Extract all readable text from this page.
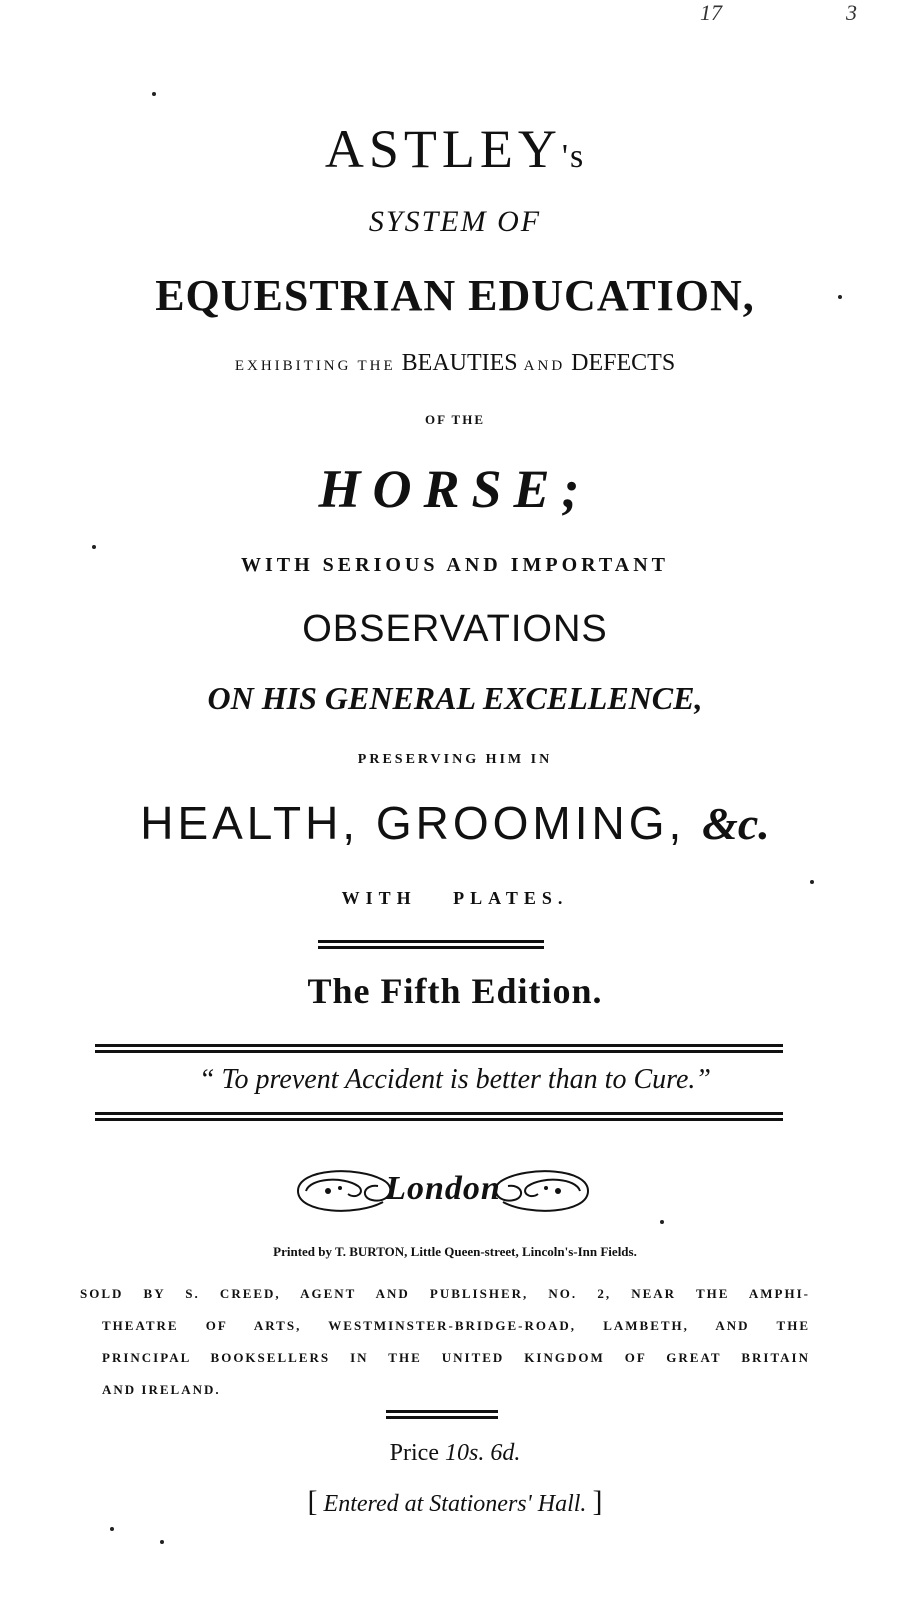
17	3
ASTLEY's
SYSTEM OF
EQUESTRIAN EDUCATION,
EXHIBITING THE BEAUTIES AND DEFECTS
OF THE
HORSE;
WITH SERIOUS AND IMPORTANT
OBSERVATIONS
ON HIS GENERAL EXCELLENCE,
PRESERVING HIM IN
HEALTH, GROOMING, &c.
WITH PLATES.
The Fifth Edition.
“ To prevent Accident is better than to Cure.”
London
Printed by T. BURTON, Little Queen-street, Lincoln's-Inn Fields.
SOLD BY S. CREED, AGENT AND PUBLISHER, NO. 2, NEAR THE AMPHI-
THEATRE OF ARTS, WESTMINSTER-BRIDGE-ROAD, LAMBETH, AND THE
PRINCIPAL BOOKSELLERS IN THE UNITED KINGDOM OF GREAT BRITAIN
AND IRELAND.
Price 10s. 6d.
[ Entered at Stationers' Hall. ]
